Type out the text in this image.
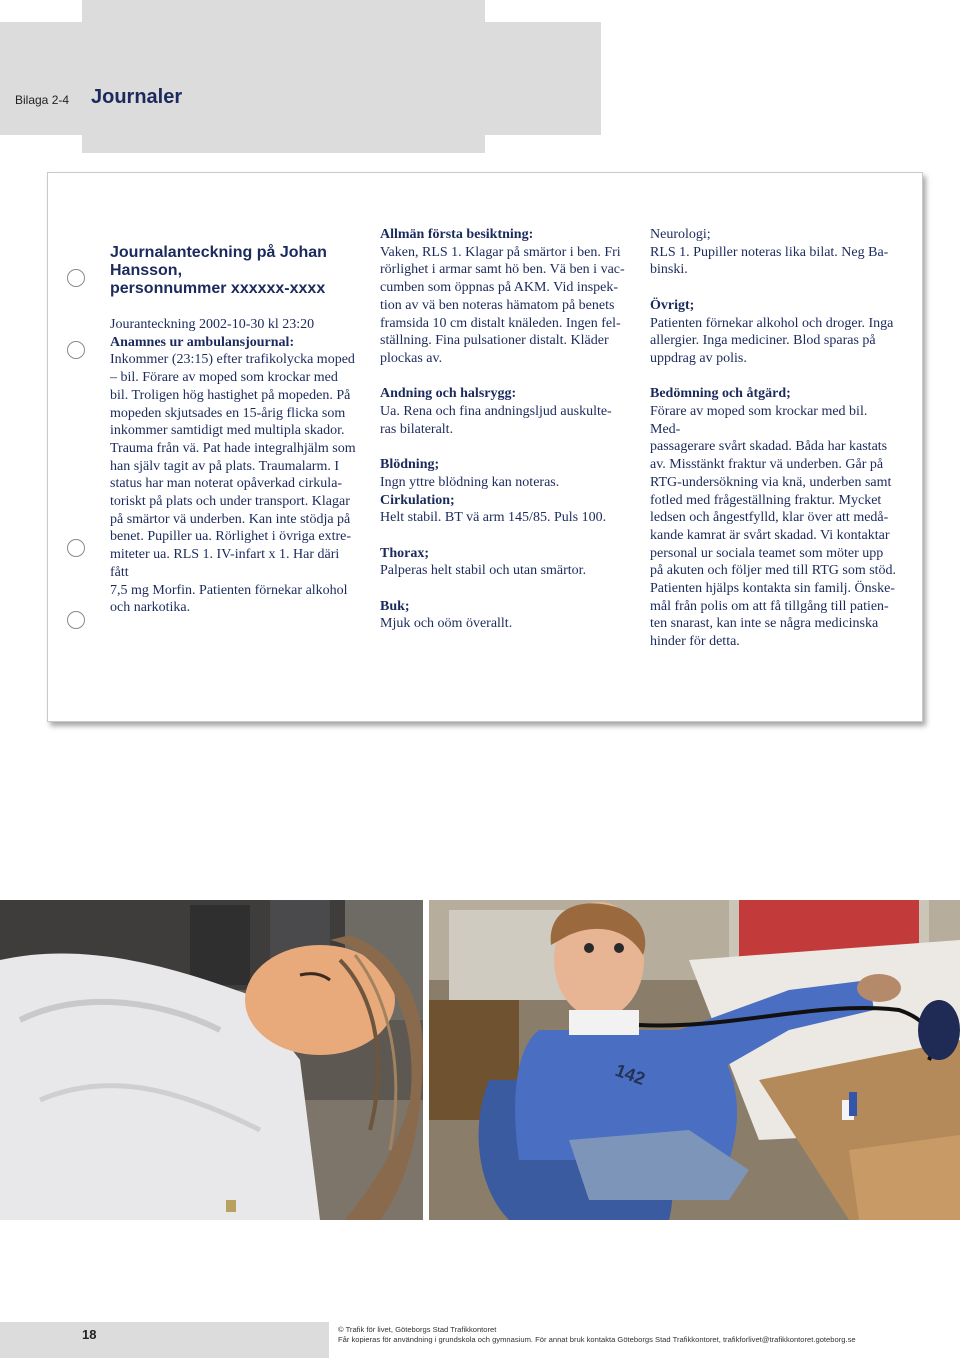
Bilaga 2-4 Journaler
Journalanteckning på Johan
Hansson,
personnummer xxxxxx-xxxx

Jouranteckning 2002-10-30 kl 23:20

Anamnes ur ambulansjournal:

Inkommer (23:15) efter trafikolycka moped

– bil. Förare av moped som krockar med

bil. Troligen hög hastighet på mopeden. På

mopeden skjutsades en 15-årig flicka som

inkommer samtidigt med multipla skador.

Trauma från vä. Pat hade integralhjälm som

han själv tagit av på plats. Traumalarm. I

status har man noterat opåverkad cirkula-

toriskt på plats och under transport. Klagar

på smärtor vä underben. Kan inte stödja på

benet. Pupiller ua. Rörlighet i övriga extre-

miteter ua. RLS 1. IV-infart x 1. Har däri fått

7,5 mg Morfin. Patienten förnekar alkohol

och narkotika.

Allmän första besiktning:

Vaken, RLS 1. Klagar på smärtor i ben. Fri

rörlighet i armar samt hö ben. Vä ben i vac-

cumben som öppnas på AKM. Vid inspek-

tion av vä ben noteras hämatom på benets

framsida 10 cm distalt knäleden. Ingen fel-

ställning. Fina pulsationer distalt. Kläder

plockas av.

Andning och halsrygg:

Ua. Rena och fina andningsljud auskulte-

ras bilateralt.

Blödning;

Ingn yttre blödning kan noteras.

Cirkulation;

Helt stabil. BT vä arm 145/85. Puls 100.

Thorax;

Palperas helt stabil och utan smärtor.

Buk;

Mjuk och oöm överallt.

Neurologi;

RLS 1. Pupiller noteras lika bilat. Neg Ba-

binski.

Övrigt;

Patienten förnekar alkohol och droger. Inga

allergier. Inga mediciner. Blod sparas på

uppdrag av polis.

Bedömning och åtgärd;

Förare av moped som krockar med bil. Med-

passagerare svårt skadad. Båda har kastats

av. Misstänkt fraktur vä underben. Går på

RTG-undersökning via knä, underben samt

fotled med frågeställning fraktur. Mycket

ledsen och ångestfylld, klar över att medå-

kande kamrat är svårt skadad. Vi kontaktar

personal ur sociala teamet som möter upp

på akuten och följer med till RTG som stöd.

Patienten hjälps kontakta sin familj. Önske-

mål från polis om att få tillgång till patien-

ten snarast, kan inte se några medicinska

hinder för detta.

142
18	© Trafik för livet, Göteborgs Stad Trafikkontoret
Får kopieras för användning i grundskola och gymnasium. För annat bruk kontakta Göteborgs Stad Trafikkontoret, trafikforlivet@trafikkontoret.goteborg.se
